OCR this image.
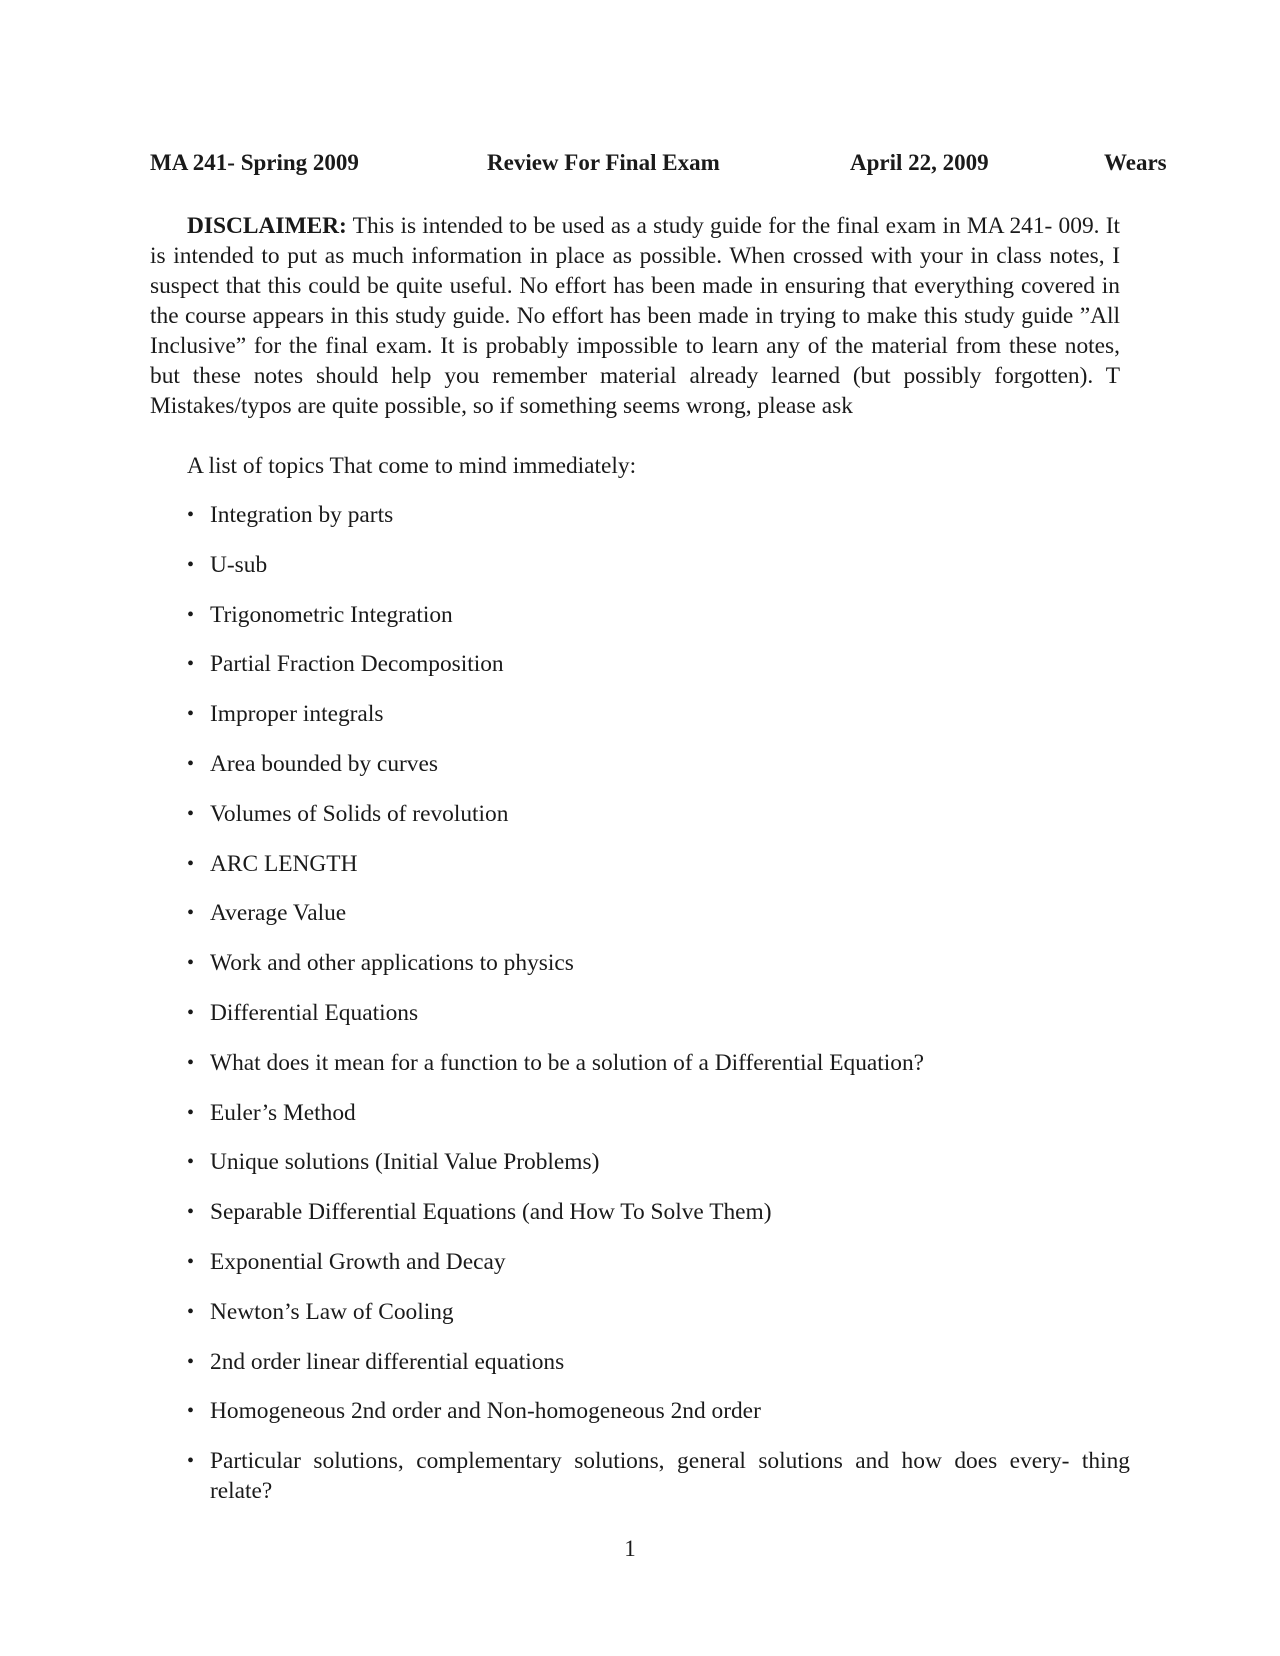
MA 241- Spring 2009	Review For Final Exam	April 22, 2009	Wears

DISCLAIMER: This is intended to be used as a study guide for the final exam in MA 241- 009. It is intended to put as much information in place as possible. When crossed with your in class notes, I suspect that this could be quite useful. No effort has been made in ensuring that everything covered in the course appears in this study guide. No effort has been made in trying to make this study guide ”All Inclusive” for the final exam. It is probably impossible to learn any of the material from these notes, but these notes should help you remember material already learned (but possibly forgotten). T Mistakes/typos are quite possible, so if something seems wrong, please ask

A list of topics That come to mind immediately:

• Integration by parts
• U-sub
• Trigonometric Integration
• Partial Fraction Decomposition
• Improper integrals
• Area bounded by curves
• Volumes of Solids of revolution
• ARC LENGTH
• Average Value
• Work and other applications to physics
• Differential Equations
• What does it mean for a function to be a solution of a Differential Equation?
• Euler’s Method
• Unique solutions (Initial Value Problems)
• Separable Differential Equations (and How To Solve Them)
• Exponential Growth and Decay
• Newton’s Law of Cooling
• 2nd order linear differential equations
• Homogeneous 2nd order and Non-homogeneous 2nd order
• Particular solutions, complementary solutions, general solutions and how does every- thing relate?
1
